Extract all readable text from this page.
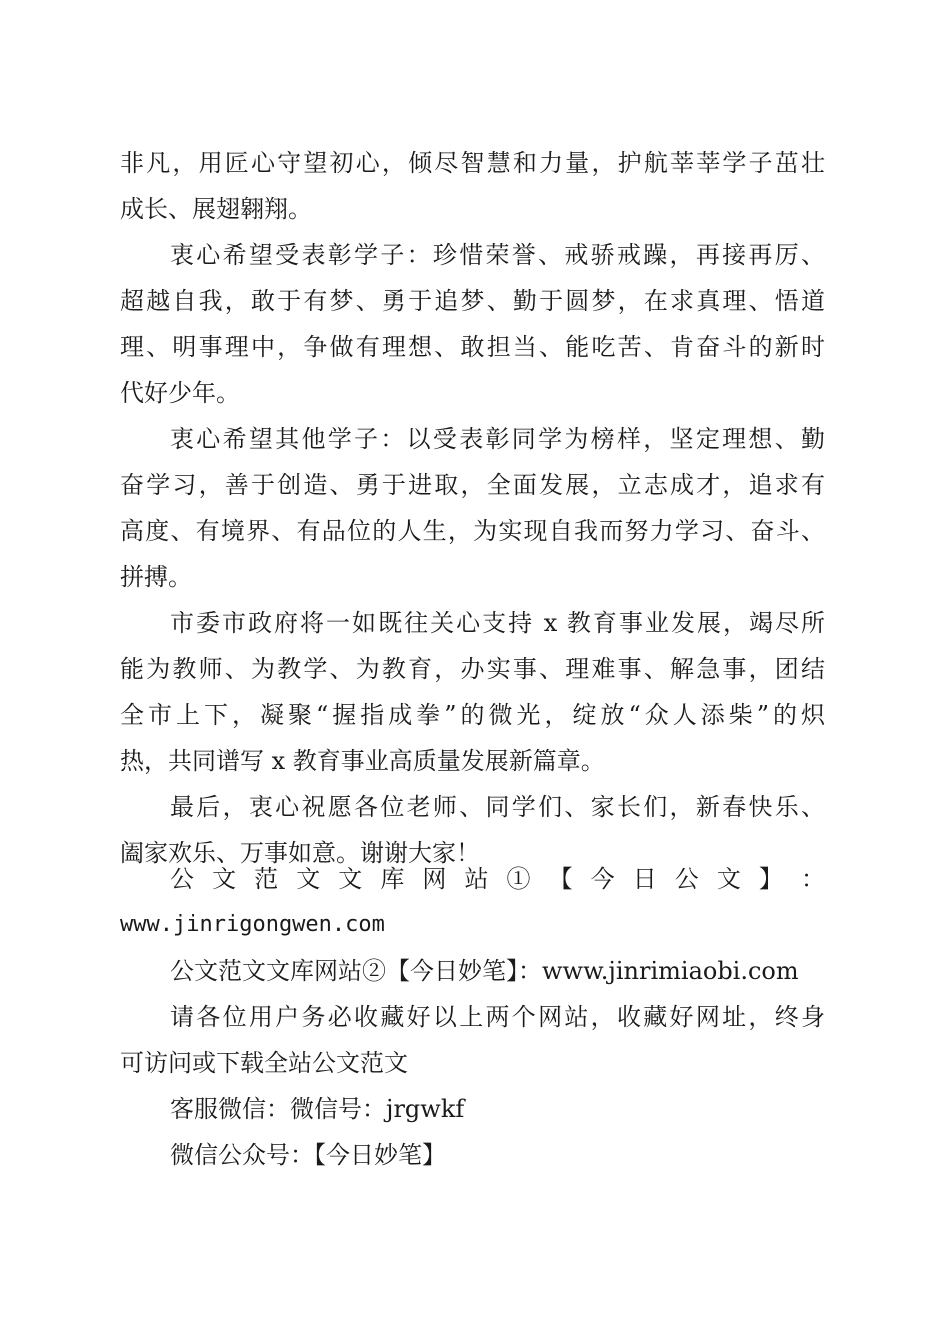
非凡，用匠心守望初心，倾尽智慧和力量，护航莘莘学子茁壮
成长、展翅翱翔。
衷心希望受表彰学子：珍惜荣誉、戒骄戒躁，再接再厉、
超越自我，敢于有梦、勇于追梦、勤于圆梦，在求真理、悟道
理、明事理中，争做有理想、敢担当、能吃苦、肯奋斗的新时
代好少年。
衷心希望其他学子：以受表彰同学为榜样，坚定理想、勤
奋学习，善于创造、勇于进取，全面发展，立志成才，追求有
高度、有境界、有品位的人生，为实现自我而努力学习、奋斗、
拼搏。
市委市政府将一如既往关心支持 x 教育事业发展，竭尽所
能为教师、为教学、为教育，办实事、理难事、解急事，团结
全市上下，凝聚“握指成拳”的微光，绽放“众人添柴”的炽
热，共同谱写 x 教育事业高质量发展新篇章。
最后，衷心祝愿各位老师、同学们、家长们，新春快乐、
阖家欢乐、万事如意。谢谢大家！
公 文 范 文 文 库 网 站 ① 【 今 日 公 文 】 ：
www.jinrigongwen.com
公文范文文库网站②【今日妙笔】：www.jinrimiaobi.com
请各位用户务必收藏好以上两个网站，收藏好网址，终身
可访问或下载全站公文范文
客服微信：微信号：jrgwkf
微信公众号：【今日妙笔】
